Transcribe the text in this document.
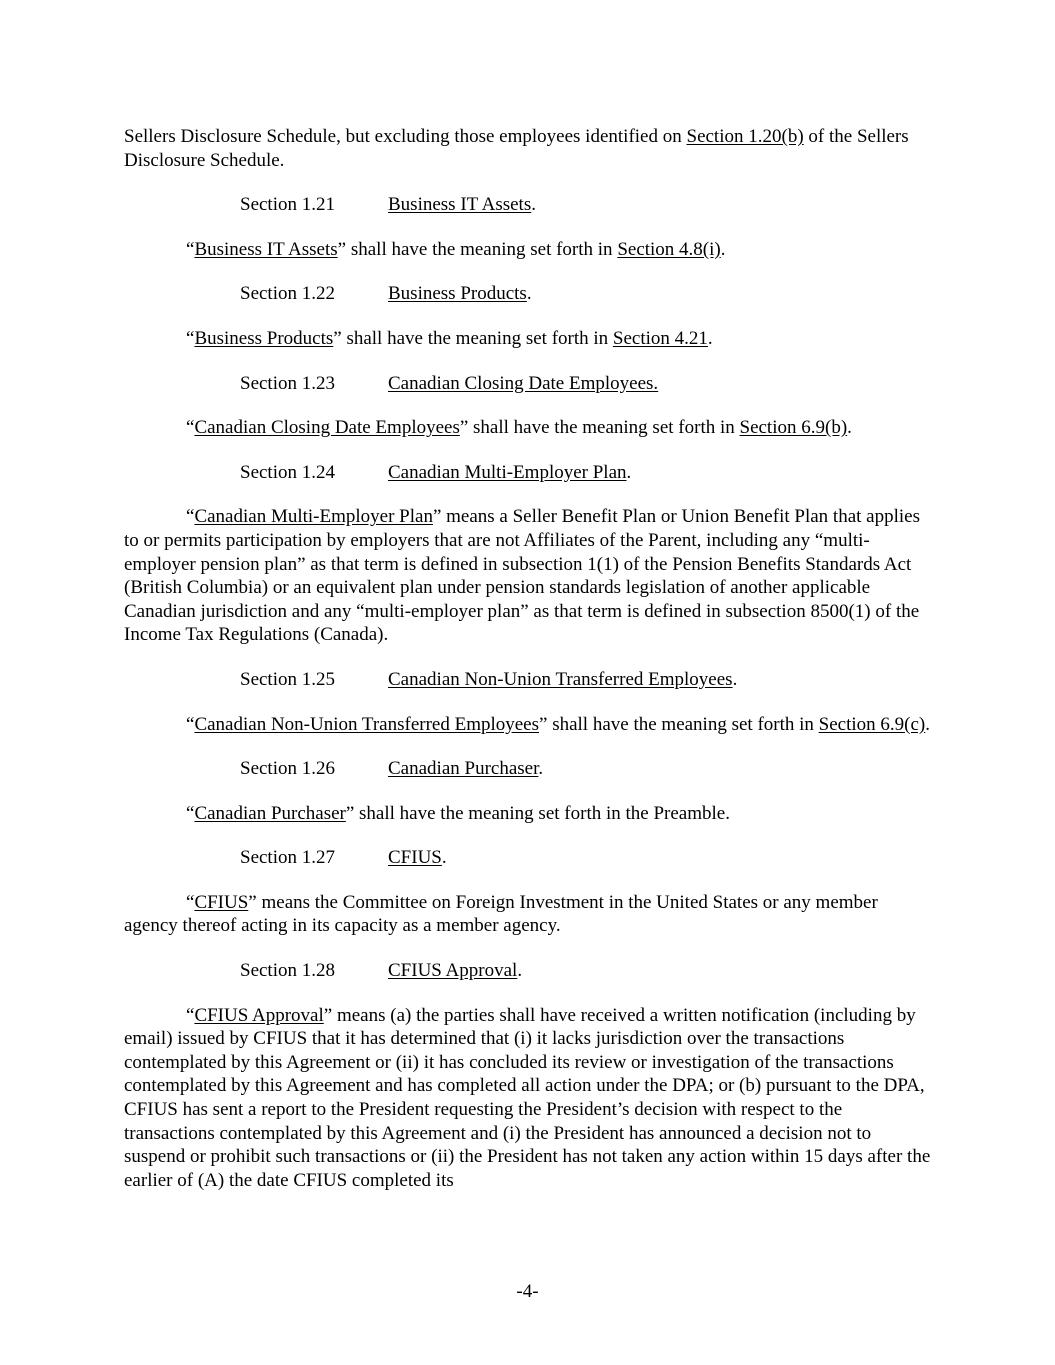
Sellers Disclosure Schedule, but excluding those employees identified on Section 1.20(b) of the Sellers Disclosure Schedule.

Section 1.21	Business IT Assets.

“Business IT Assets” shall have the meaning set forth in Section 4.8(i).

Section 1.22	Business Products.

“Business Products” shall have the meaning set forth in Section 4.21.

Section 1.23	Canadian Closing Date Employees.

“Canadian Closing Date Employees” shall have the meaning set forth in Section 6.9(b).

Section 1.24	Canadian Multi-Employer Plan.

“Canadian Multi-Employer Plan” means a Seller Benefit Plan or Union Benefit Plan that applies to or permits participation by employers that are not Affiliates of the Parent, including any “multi-employer pension plan” as that term is defined in subsection 1(1) of the Pension Benefits Standards Act (British Columbia) or an equivalent plan under pension standards legislation of another applicable Canadian jurisdiction and any “multi-employer plan” as that term is defined in subsection 8500(1) of the Income Tax Regulations (Canada).

Section 1.25	Canadian Non-Union Transferred Employees.

“Canadian Non-Union Transferred Employees” shall have the meaning set forth in Section 6.9(c).

Section 1.26	Canadian Purchaser.

“Canadian Purchaser” shall have the meaning set forth in the Preamble.

Section 1.27	CFIUS.

“CFIUS” means the Committee on Foreign Investment in the United States or any member agency thereof acting in its capacity as a member agency.

Section 1.28	CFIUS Approval.

“CFIUS Approval” means (a) the parties shall have received a written notification (including by email) issued by CFIUS that it has determined that (i) it lacks jurisdiction over the transactions contemplated by this Agreement or (ii) it has concluded its review or investigation of the transactions contemplated by this Agreement and has completed all action under the DPA; or (b) pursuant to the DPA, CFIUS has sent a report to the President requesting the President’s decision with respect to the transactions contemplated by this Agreement and (i) the President has announced a decision not to suspend or prohibit such transactions or (ii) the President has not taken any action within 15 days after the earlier of (A) the date CFIUS completed its

-4-
